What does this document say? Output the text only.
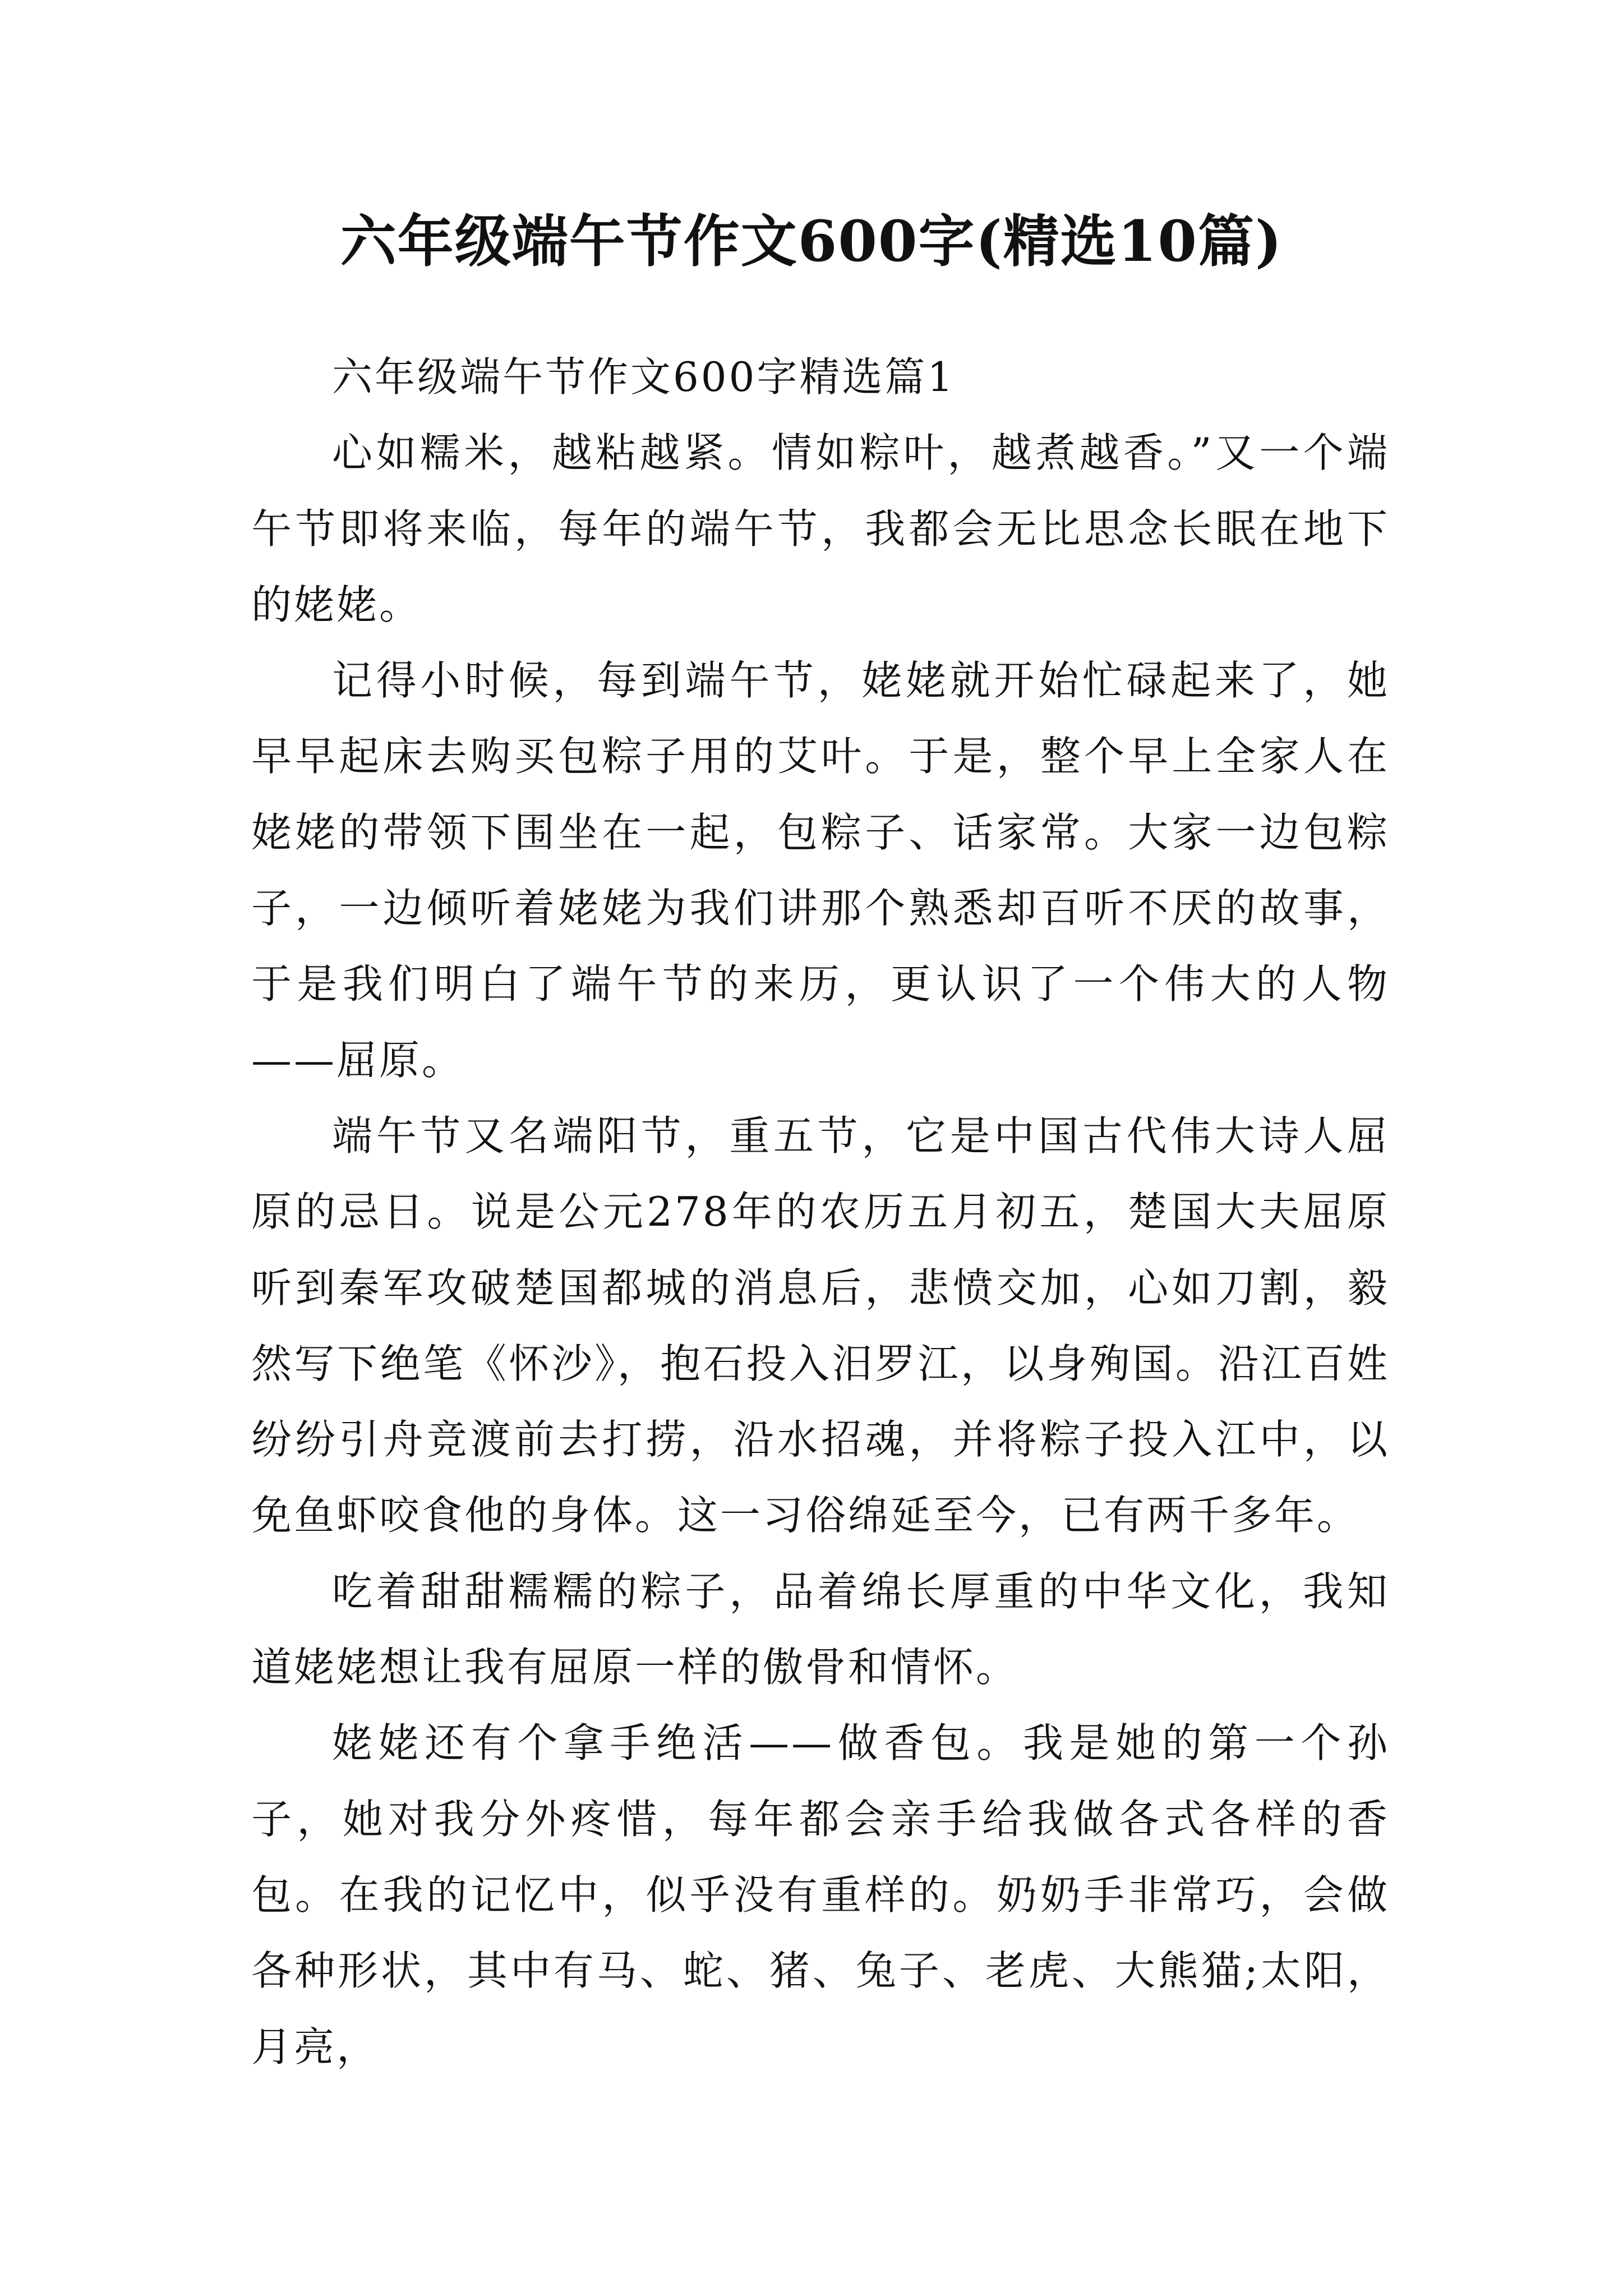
六年级端午节作文600字(精选10篇)

六年级端午节作文600字精选篇1

心如糯米，越粘越紧。情如粽叶，越煮越香。”又一个端午节即将来临，每年的端午节，我都会无比思念长眠在地下的姥姥。

记得小时候，每到端午节，姥姥就开始忙碌起来了，她早早起床去购买包粽子用的艾叶。于是，整个早上全家人在姥姥的带领下围坐在一起，包粽子、话家常。大家一边包粽子，一边倾听着姥姥为我们讲那个熟悉却百听不厌的故事，于是我们明白了端午节的来历，更认识了一个伟大的人物——屈原。

端午节又名端阳节，重五节，它是中国古代伟大诗人屈原的忌日。说是公元278年的农历五月初五，楚国大夫屈原听到秦军攻破楚国都城的消息后，悲愤交加，心如刀割，毅然写下绝笔《怀沙》，抱石投入汨罗江，以身殉国。沿江百姓纷纷引舟竞渡前去打捞，沿水招魂，并将粽子投入江中，以免鱼虾咬食他的身体。这一习俗绵延至今，已有两千多年。

吃着甜甜糯糯的粽子，品着绵长厚重的中华文化，我知道姥姥想让我有屈原一样的傲骨和情怀。

姥姥还有个拿手绝活——做香包。我是她的第一个孙子，她对我分外疼惜，每年都会亲手给我做各式各样的香包。在我的记忆中，似乎没有重样的。奶奶手非常巧，会做各种形状，其中有马、蛇、猪、兔子、老虎、大熊猫;太阳，月亮，
